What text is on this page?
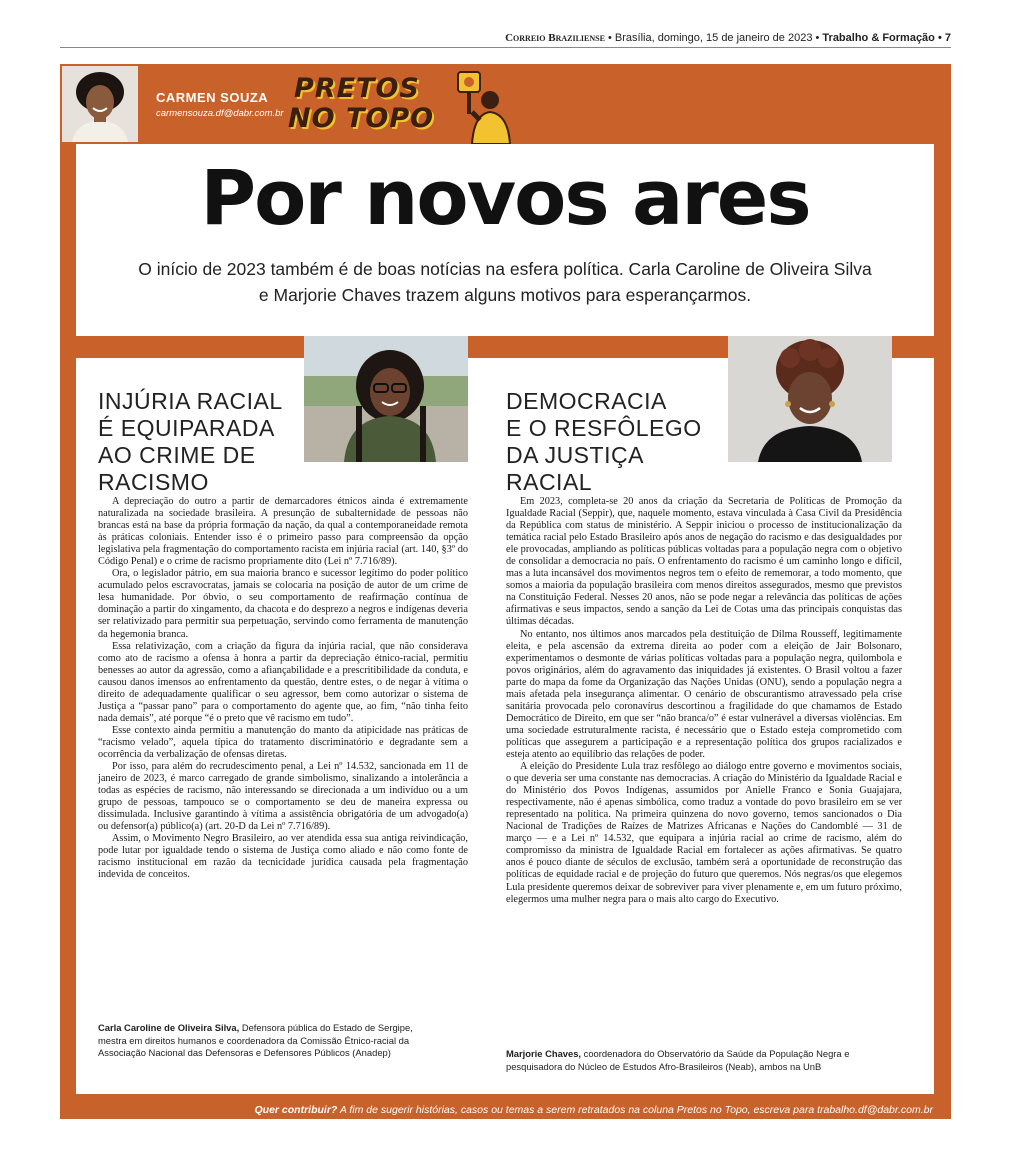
Correio Braziliense • Brasília, domingo, 15 de janeiro de 2023 • Trabalho & Formação • 7
CARMEN SOUZA
carmensouza.df@dabr.com.br
PRETOS
NO TOPO
Por novos ares
O início de 2023 também é de boas notícias na esfera política. Carla Caroline de Oliveira Silva
e Marjorie Chaves trazem alguns motivos para esperançarmos.
INJÚRIA RACIAL
É EQUIPARADA
AO CRIME DE
RACISMO

A depreciação do outro a partir de demarcadores étnicos ainda é extremamente naturalizada na sociedade brasileira. A presunção de subalternidade de pessoas não brancas está na base da própria formação da nação, da qual a contemporaneidade remota às práticas coloniais. Entender isso é o primeiro passo para compreensão da opção legislativa pela fragmentação do comportamento racista em injúria racial (art. 140, §3º do Código Penal) e o crime de racismo propriamente dito (Lei nº 7.716/89).

Ora, o legislador pátrio, em sua maioria branco e sucessor legítimo do poder político acumulado pelos escravocratas, jamais se colocaria na posição de autor de um crime de lesa humanidade. Por óbvio, o seu comportamento de reafirmação contínua de dominação a partir do xingamento, da chacota e do desprezo a negros e indígenas deveria ser relativizado para permitir sua perpetuação, servindo como ferramenta de manutenção da hegemonia branca.

Essa relativização, com a criação da figura da injúria racial, que não considerava como ato de racismo a ofensa à honra a partir da depreciação étnico-racial, permitiu benesses ao autor da agressão, como a afiançabilidade e a prescritibilidade da conduta, e causou danos imensos ao enfrentamento da questão, dentre estes, o de negar à vítima o direito de adequadamente qualificar o seu agressor, bem como autorizar o sistema de Justiça a “passar pano” para o comportamento do agente que, ao fim, “não tinha feito nada demais”, até porque “é o preto que vê racismo em tudo”.

Esse contexto ainda permitiu a manutenção do manto da atipicidade nas práticas de “racismo velado”, aquela típica do tratamento discriminatório e degradante sem a ocorrência da verbalização de ofensas diretas.

Por isso, para além do recrudescimento penal, a Lei nº 14.532, sancionada em 11 de janeiro de 2023, é marco carregado de grande simbolismo, sinalizando a intolerância a todas as espécies de racismo, não interessando se direcionada a um indivíduo ou a um grupo de pessoas, tampouco se o comportamento se deu de maneira expressa ou dissimulada. Inclusive garantindo à vítima a assistência obrigatória de um advogado(a) ou defensor(a) público(a) (art. 20-D da Lei nº 7.716/89).

Assim, o Movimento Negro Brasileiro, ao ver atendida essa sua antiga reivindicação, pode lutar por igualdade tendo o sistema de Justiça como aliado e não como fonte de racismo institucional em razão da tecnicidade jurídica causada pela fragmentação indevida de conceitos.

Carla Caroline de Oliveira Silva, Defensora pública do Estado de Sergipe, mestra em direitos humanos e coordenadora da Comissão Étnico-racial da Associação Nacional das Defensoras e Defensores Públicos (Anadep)
DEMOCRACIA
E O RESFÔLEGO
DA JUSTIÇA
RACIAL

Em 2023, completa-se 20 anos da criação da Secretaria de Políticas de Promoção da Igualdade Racial (Seppir), que, naquele momento, estava vinculada à Casa Civil da Presidência da República com status de ministério. A Seppir iniciou o processo de institucionalização da temática racial pelo Estado Brasileiro após anos de negação do racismo e das desigualdades por ele provocadas, ampliando as políticas públicas voltadas para a população negra com o objetivo de consolidar a democracia no país. O enfrentamento do racismo é um caminho longo e difícil, mas a luta incansável dos movimentos negros tem o efeito de rememorar, a todo momento, que somos a maioria da população brasileira com menos direitos assegurados, mesmo que previstos na Constituição Federal. Nesses 20 anos, não se pode negar a relevância das políticas de ações afirmativas e seus impactos, sendo a sanção da Lei de Cotas uma das principais conquistas das últimas décadas.

No entanto, nos últimos anos marcados pela destituição de Dilma Rousseff, legitimamente eleita, e pela ascensão da extrema direita ao poder com a eleição de Jair Bolsonaro, experimentamos o desmonte de várias políticas voltadas para a população negra, quilombola e povos originários, além do agravamento das iniquidades já existentes. O Brasil voltou a fazer parte do mapa da fome da Organização das Nações Unidas (ONU), sendo a população negra a mais afetada pela insegurança alimentar. O cenário de obscurantismo atravessado pela crise sanitária provocada pelo coronavírus descortinou a fragilidade do que chamamos de Estado Democrático de Direito, em que ser “não branca/o” é estar vulnerável a diversas violências. Em uma sociedade estruturalmente racista, é necessário que o Estado esteja comprometido com políticas que assegurem a participação e a representação política dos grupos racializados e esteja atento ao equilíbrio das relações de poder.

A eleição do Presidente Lula traz resfôlego ao diálogo entre governo e movimentos sociais, o que deveria ser uma constante nas democracias. A criação do Ministério da Igualdade Racial e do Ministério dos Povos Indígenas, assumidos por Anielle Franco e Sonia Guajajara, respectivamente, não é apenas simbólica, como traduz a vontade do povo brasileiro em se ver representado na política. Na primeira quinzena do novo governo, temos sancionados o Dia Nacional de Tradições de Raízes de Matrizes Africanas e Nações do Candomblé — 31 de março — e a Lei nº 14.532, que equipara a injúria racial ao crime de racismo, além do compromisso da ministra de Igualdade Racial em fortalecer as ações afirmativas. Se quatro anos é pouco diante de séculos de exclusão, também será a oportunidade de reconstrução das políticas de equidade racial e de projeção do futuro que queremos. Nós negras/os que elegemos Lula presidente queremos deixar de sobreviver para viver plenamente e, em um futuro próximo, elegermos uma mulher negra para o mais alto cargo do Executivo.

Marjorie Chaves, coordenadora do Observatório da Saúde da População Negra e pesquisadora do Núcleo de Estudos Afro-Brasileiros (Neab), ambos na UnB
Quer contribuir? A fim de sugerir histórias, casos ou temas a serem retratados na coluna Pretos no Topo, escreva para trabalho.df@dabr.com.br
